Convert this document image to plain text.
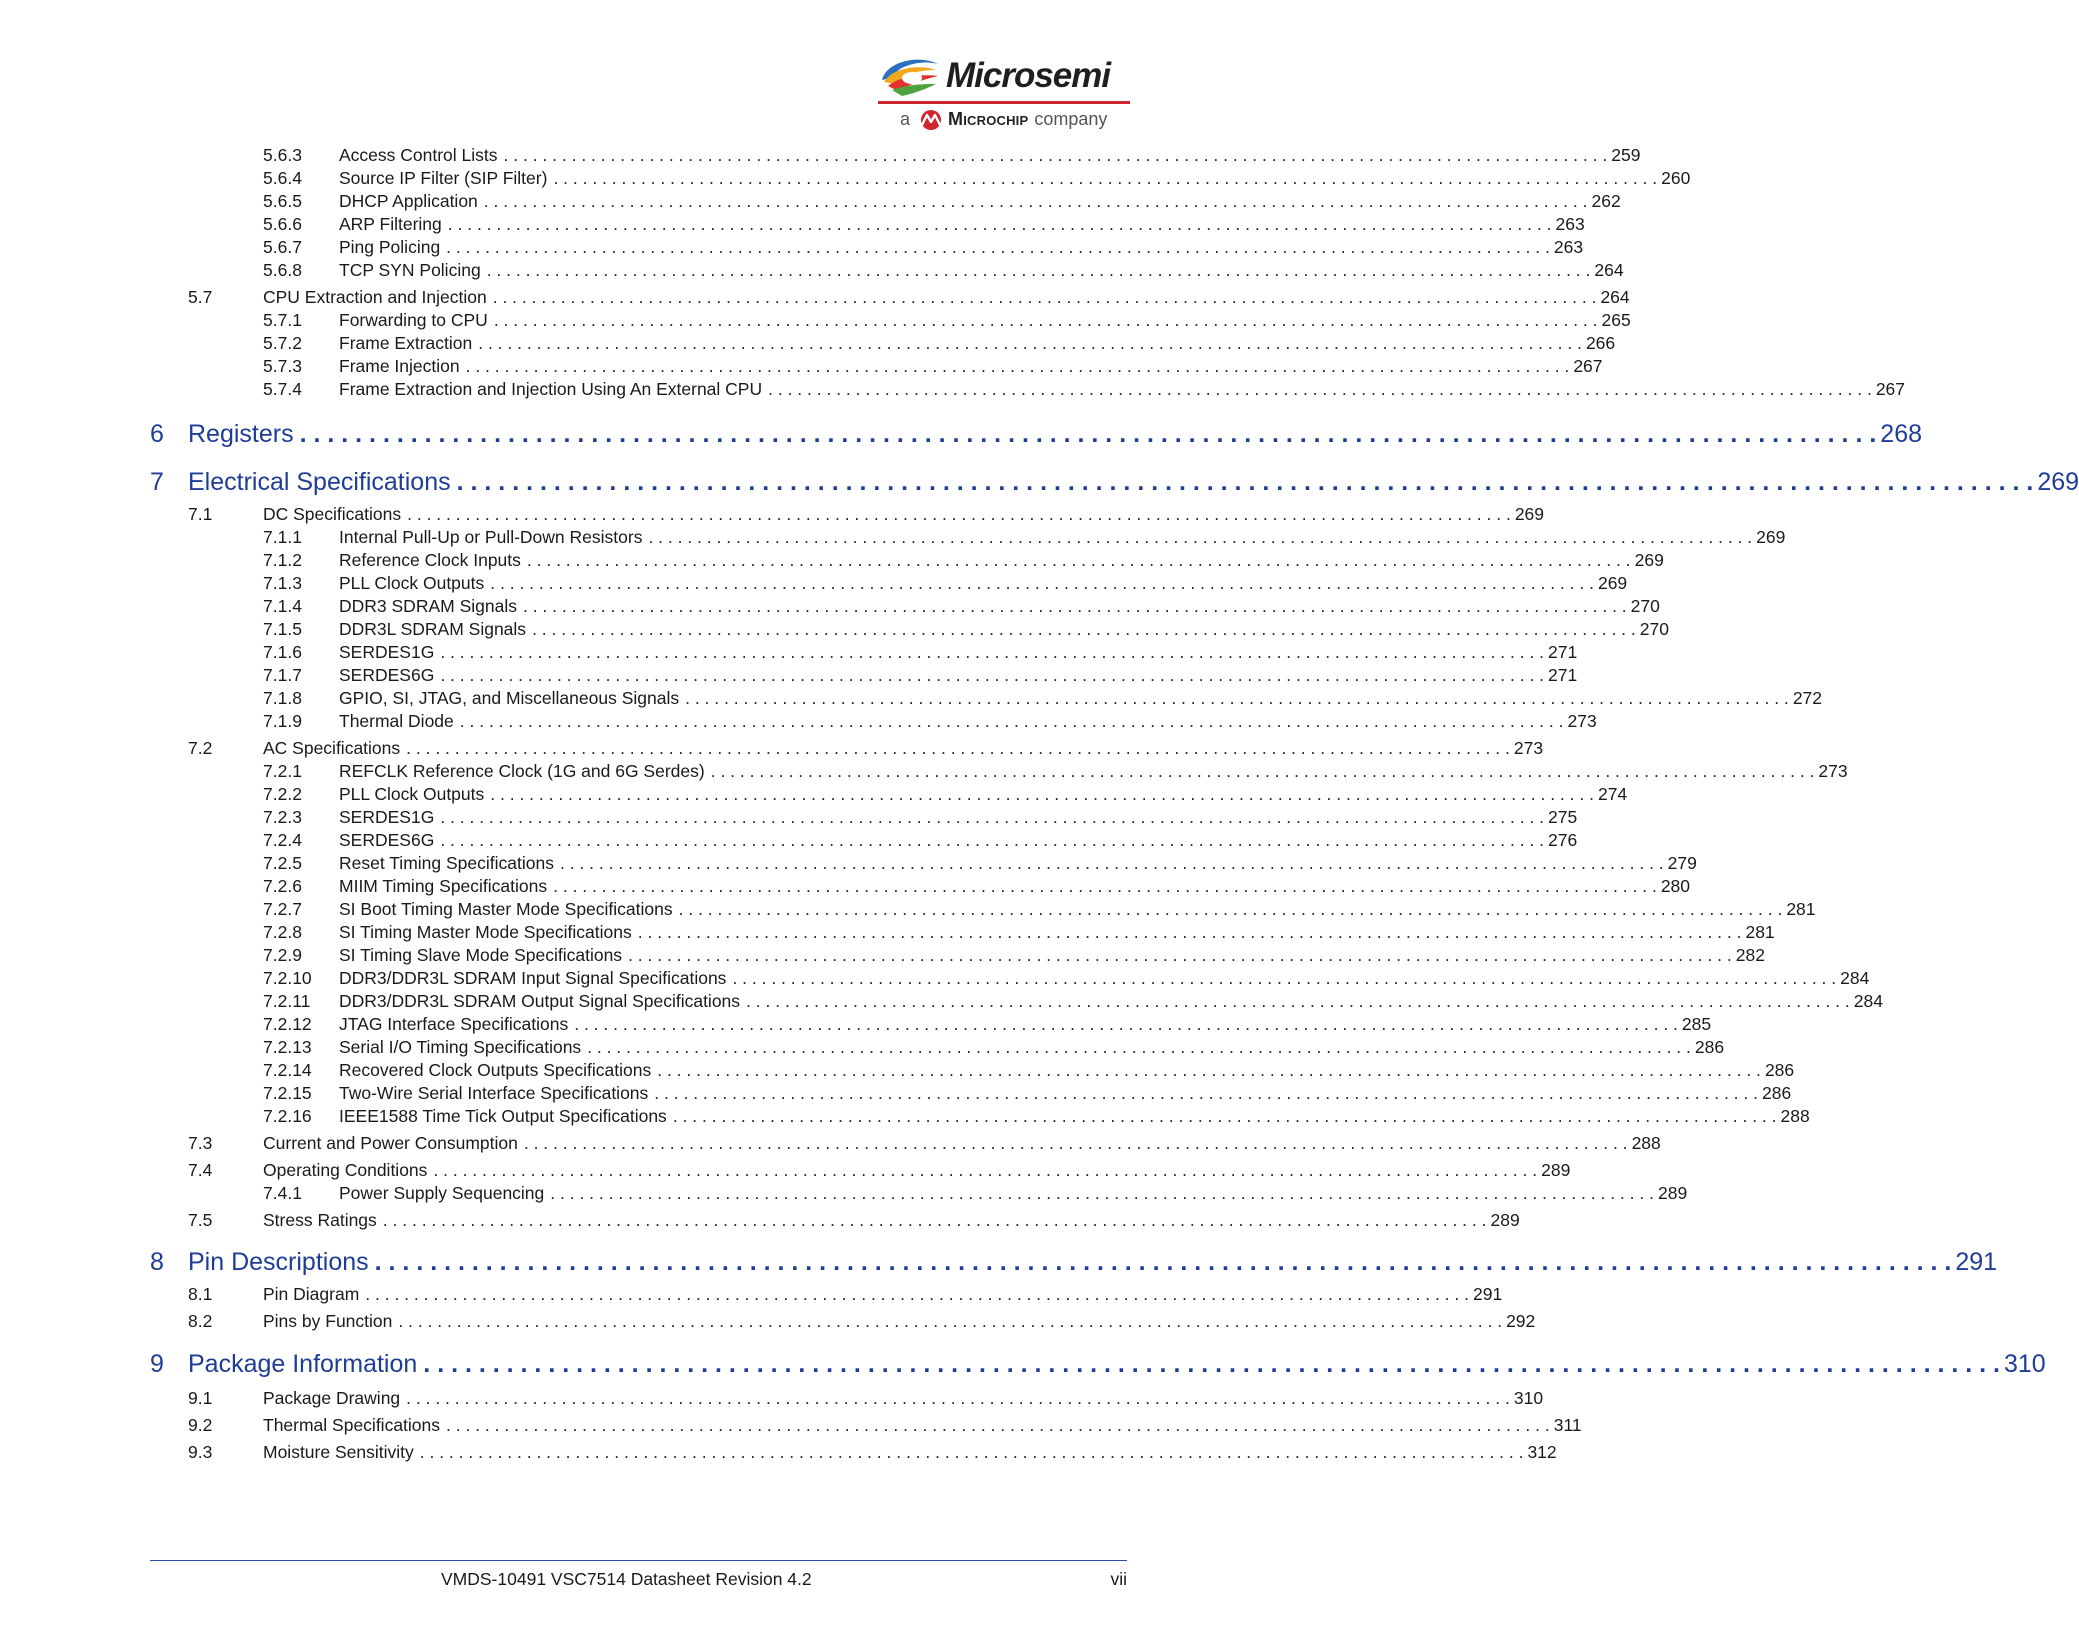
Microsemi
a Microchip company
5.6.3 Access Control Lists . . .	259
5.6.4 Source IP Filter (SIP Filter) . . .	260
5.6.5 DHCP Application . . .	262
5.6.6 ARP Filtering . . .	263
5.6.7 Ping Policing . . .	263
5.6.8 TCP SYN Policing . . .	264
5.7	CPU Extraction and Injection . . .	264
5.7.1 Forwarding to CPU . . .	265
5.7.2 Frame Extraction . . .	266
5.7.3 Frame Injection . . .	267
5.7.4 Frame Extraction and Injection Using An External CPU . . .	267
6 Registers . . .	268
7 Electrical Specifications . . .	269
7.1	DC Specifications . . .	269
7.1.1 Internal Pull-Up or Pull-Down Resistors . . .	269
7.1.2 Reference Clock Inputs . . .	269
7.1.3 PLL Clock Outputs . . .	269
7.1.4 DDR3 SDRAM Signals . . .	270
7.1.5 DDR3L SDRAM Signals . . .	270
7.1.6 SERDES1G . . .	271
7.1.7 SERDES6G . . .	271
7.1.8 GPIO, SI, JTAG, and Miscellaneous Signals . . .	272
7.1.9 Thermal Diode . . .	273
7.2	AC Specifications . . .	273
7.2.1 REFCLK Reference Clock (1G and 6G Serdes) . . .	273
7.2.2 PLL Clock Outputs . . .	274
7.2.3 SERDES1G . . .	275
7.2.4 SERDES6G . . .	276
7.2.5 Reset Timing Specifications . . .	279
7.2.6 MIIM Timing Specifications . . .	280
7.2.7 SI Boot Timing Master Mode Specifications . . .	281
7.2.8 SI Timing Master Mode Specifications . . .	281
7.2.9 SI Timing Slave Mode Specifications . . .	282
7.2.10 DDR3/DDR3L SDRAM Input Signal Specifications . . .	284
7.2.11 DDR3/DDR3L SDRAM Output Signal Specifications . . .	284
7.2.12 JTAG Interface Specifications . . .	285
7.2.13 Serial I/O Timing Specifications . . .	286
7.2.14 Recovered Clock Outputs Specifications . . .	286
7.2.15 Two-Wire Serial Interface Specifications . . .	286
7.2.16 IEEE1588 Time Tick Output Specifications . . .	288
7.3	Current and Power Consumption . . .	288
7.4	Operating Conditions . . .	289
7.4.1 Power Supply Sequencing . . .	289
7.5	Stress Ratings . . .	289
8 Pin Descriptions . . .	291
8.1	Pin Diagram . . .	291
8.2	Pins by Function . . .	292
9 Package Information . . .	310
9.1	Package Drawing . . .	310
9.2	Thermal Specifications . . .	311
9.3	Moisture Sensitivity . . .	312
VMDS-10491 VSC7514 Datasheet Revision 4.2	vii
